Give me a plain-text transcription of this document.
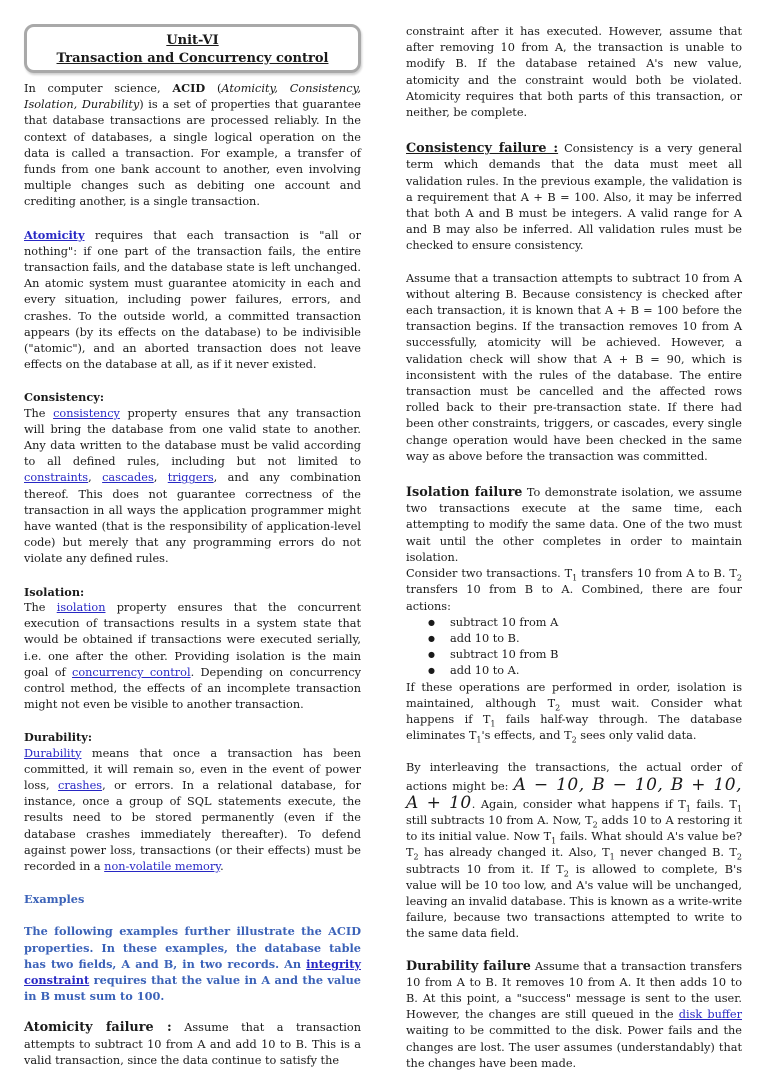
Unit-VI
Transaction and Concurrency control

In computer science, ACID (Atomicity, Consistency, Isolation, Durability) is a set of properties that guarantee that database transactions are processed reliably. In the context of databases, a single logical operation on the data is called a transaction. For example, a transfer of funds from one bank account to another, even involving multiple changes such as debiting one account and crediting another, is a single transaction.

Atomicity requires that each transaction is "all or nothing": if one part of the transaction fails, the entire transaction fails, and the database state is left unchanged. An atomic system must guarantee atomicity in each and every situation, including power failures, errors, and crashes. To the outside world, a committed transaction appears (by its effects on the database) to be indivisible ("atomic"), and an aborted transaction does not leave effects on the database at all, as if it never existed.

Consistency:

The consistency property ensures that any transaction will bring the database from one valid state to another. Any data written to the database must be valid according to all defined rules, including but not limited to constraints, cascades, triggers, and any combination thereof. This does not guarantee correctness of the transaction in all ways the application programmer might have wanted (that is the responsibility of application-level code) but merely that any programming errors do not violate any defined rules.

Isolation:

The isolation property ensures that the concurrent execution of transactions results in a system state that would be obtained if transactions were executed serially, i.e. one after the other. Providing isolation is the main goal of concurrency control. Depending on concurrency control method, the effects of an incomplete transaction might not even be visible to another transaction.

Durability:

Durability means that once a transaction has been committed, it will remain so, even in the event of power loss, crashes, or errors. In a relational database, for instance, once a group of SQL statements execute, the results need to be stored permanently (even if the database crashes immediately thereafter). To defend against power loss, transactions (or their effects) must be recorded in a non-volatile memory.

Examples

The following examples further illustrate the ACID properties. In these examples, the database table has two fields, A and B, in two records. An integrity constraint requires that the value in A and the value in B must sum to 100.

Atomicity failure : Assume that a transaction attempts to subtract 10 from A and add 10 to B. This is a valid transaction, since the data continue to satisfy the

constraint after it has executed. However, assume that after removing 10 from A, the transaction is unable to modify B. If the database retained A's new value, atomicity and the constraint would both be violated. Atomicity requires that both parts of this transaction, or neither, be complete.

Consistency failure : Consistency is a very general term which demands that the data must meet all validation rules. In the previous example, the validation is a requirement that A + B = 100. Also, it may be inferred that both A and B must be integers. A valid range for A and B may also be inferred. All validation rules must be checked to ensure consistency.

Assume that a transaction attempts to subtract 10 from A without altering B. Because consistency is checked after each transaction, it is known that A + B = 100 before the transaction begins. If the transaction removes 10 from A successfully, atomicity will be achieved. However, a validation check will show that A + B = 90, which is inconsistent with the rules of the database. The entire transaction must be cancelled and the affected rows rolled back to their pre-transaction state. If there had been other constraints, triggers, or cascades, every single change operation would have been checked in the same way as above before the transaction was committed.

Isolation failure To demonstrate isolation, we assume two transactions execute at the same time, each attempting to modify the same data. One of the two must wait until the other completes in order to maintain isolation.

Consider two transactions. $T_1$ transfers 10 from A to B. $T_2$ transfers 10 from B to A. Combined, there are four actions:

● subtract 10 from A
● add 10 to B.
● subtract 10 from B
● add 10 to A.

If these operations are performed in order, isolation is maintained, although $T_2$ must wait. Consider what happens if $T_1$ fails half-way through. The database eliminates $T_1's$ effects, and $T_2$ sees only valid data.

By interleaving the transactions, the actual order of actions might be: A − 10, B − 10, B + 10, A + 10. Again, consider what happens if $T_1$ fails. $T_1$ still subtracts 10 from A. Now, $T_2$ adds 10 to A restoring it to its initial value. Now $T_1$ fails. What should A's value be? $T_2$ has already changed it. Also, $T_1$ never changed B. $T_2$ subtracts 10 from it. If $T_2$ is allowed to complete, B's value will be 10 too low, and A's value will be unchanged, leaving an invalid database. This is known as a write-write failure, because two transactions attempted to write to the same data field.

Durability failure Assume that a transaction transfers 10 from A to B. It removes 10 from A. It then adds 10 to B. At this point, a "success" message is sent to the user. However, the changes are still queued in the disk buffer waiting to be committed to the disk. Power fails and the changes are lost. The user assumes (understandably) that the changes have been made.
